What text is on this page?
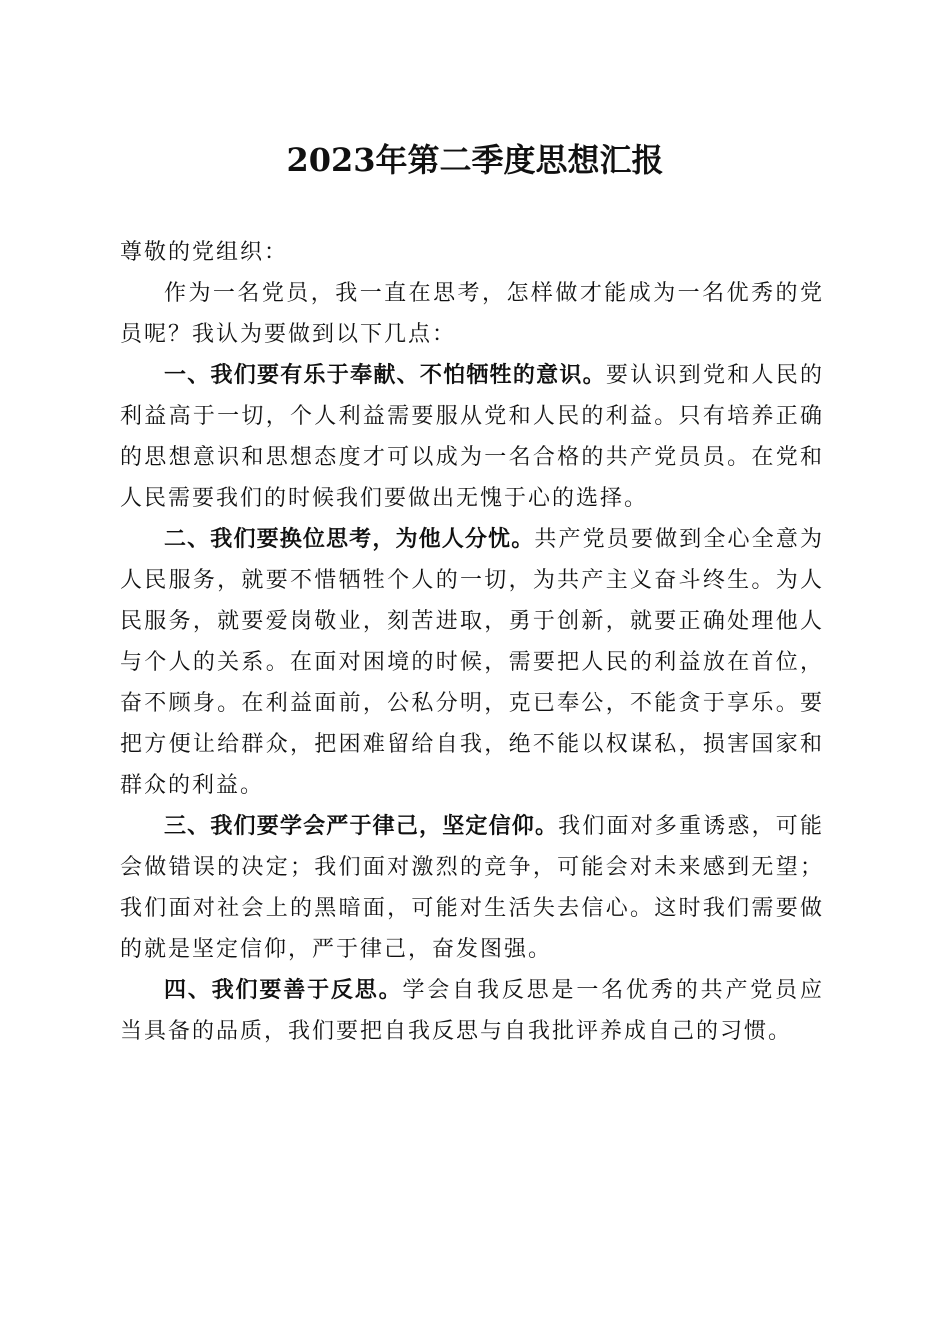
2023年第二季度思想汇报

尊敬的党组织：

作为一名党员，我一直在思考，怎样做才能成为一名优秀的党员呢？我认为要做到以下几点：

一、我们要有乐于奉献、不怕牺牲的意识。要认识到党和人民的利益高于一切，个人利益需要服从党和人民的利益。只有培养正确的思想意识和思想态度才可以成为一名合格的共产党员员。在党和人民需要我们的时候我们要做出无愧于心的选择。

二、我们要换位思考，为他人分忧。共产党员要做到全心全意为人民服务，就要不惜牺牲个人的一切，为共产主义奋斗终生。为人民服务，就要爱岗敬业，刻苦进取，勇于创新，就要正确处理他人与个人的关系。在面对困境的时候，需要把人民的利益放在首位，奋不顾身。在利益面前，公私分明，克已奉公，不能贪于享乐。要把方便让给群众，把困难留给自我，绝不能以权谋私，损害国家和群众的利益。

三、我们要学会严于律己，坚定信仰。我们面对多重诱惑，可能会做错误的决定；我们面对激烈的竞争，可能会对未来感到无望；我们面对社会上的黑暗面，可能对生活失去信心。这时我们需要做的就是坚定信仰，严于律己，奋发图强。

四、我们要善于反思。学会自我反思是一名优秀的共产党员应当具备的品质，我们要把自我反思与自我批评养成自己的习惯。
